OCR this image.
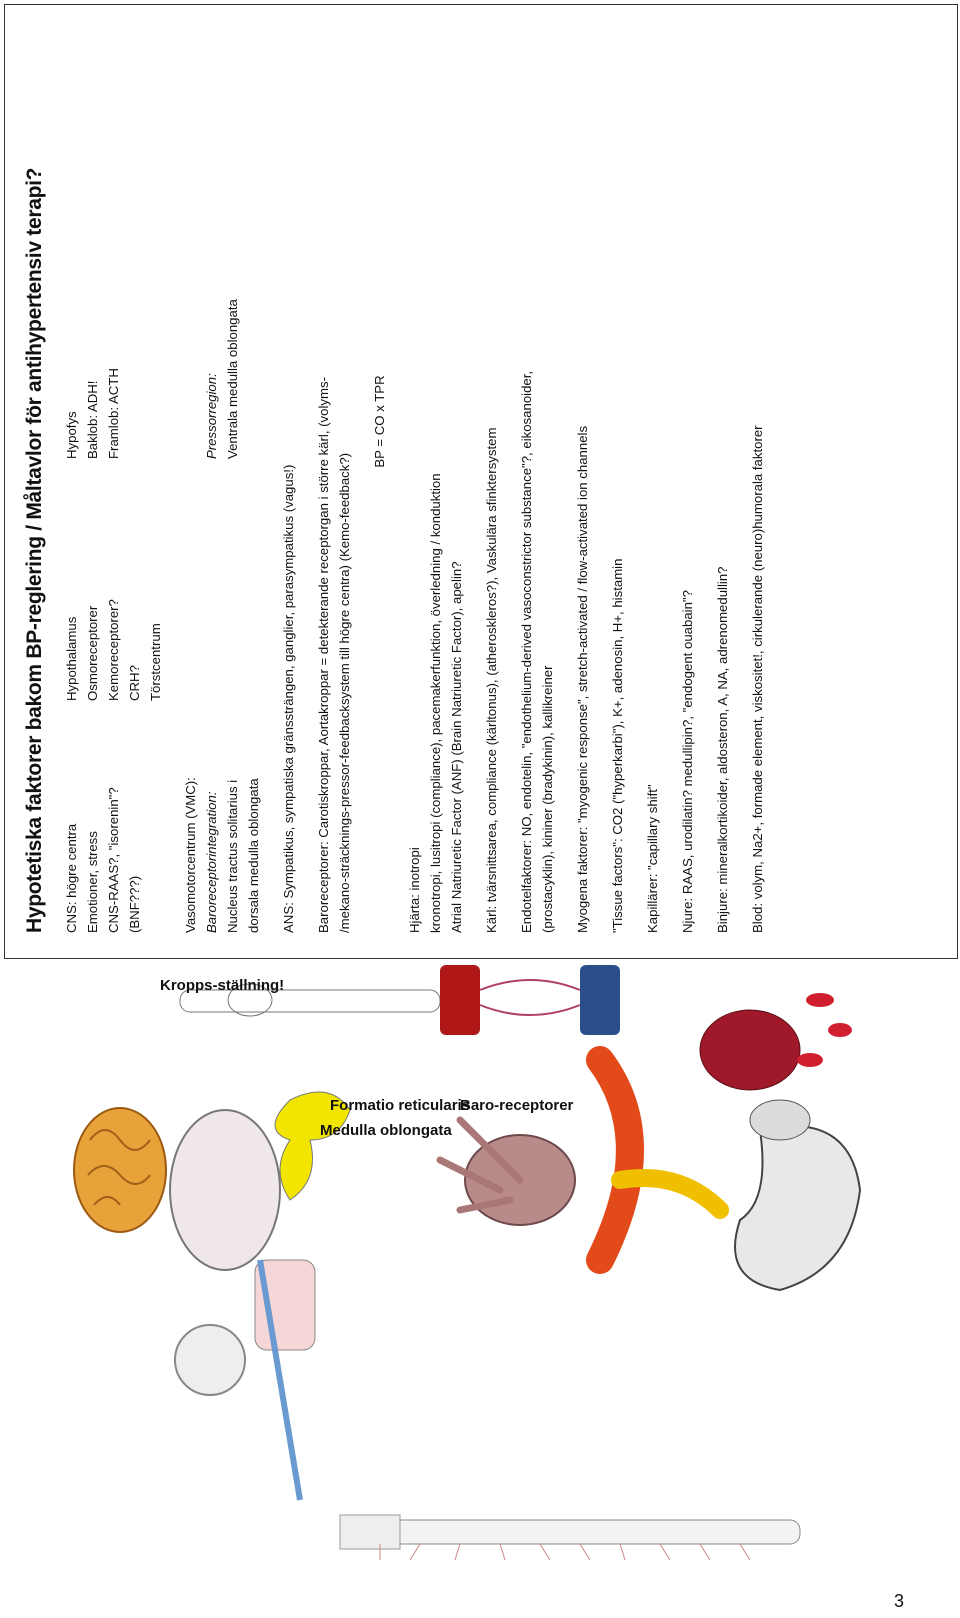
Hypotetiska faktorer bakom BP-reglering / Måltavlor för antihypertensiv terapi? CNS: högre centra Emotioner, stress CNS-RAAS?, "isorenin"? (BNF???)
Hypothalamus Osmoreceptorer Kemoreceptorer? CRH? Törstcentrum
Hypofys Baklob: ADH! Framlob: ACTH
Vasomotorcentrum (VMC): Baroreceptorintegration: Nucleus tractus solitarius i dorsala medulla oblongata

Pressorregion: Ventrala medulla oblongata
ANS: Sympatikus, sympatiska gränssträngen, ganglier, parasympatikus (vagus!) Baroreceptorer: Carotiskroppar, Aortakroppar = detekterande receptorgan i större kärl, (volyms- /mekano-sträcknings-pressor-feedbacksystem till högre centra) (Kemo-feedback?)
BP = CO x TPR
Hjärta: inotropi kronotropi, lusitropi (compliance), pacemakerfunktion, överledning / konduktion Atrial Natriuretic Factor (ANF) (Brain Natriuretic Factor), apelin? Kärl: tvärsnittsarea, compliance (kärltonus), (atheroskleros?), Vaskulära sfinktersystem Endotelfaktorer: NO, endotelin, "endothelium-derived vasoconstrictor substance"?, eikosanoider, (prostacyklin), kininer (bradykinin), kallikreiner Myogena faktorer: "myogenic response", stretch-activated / flow-activated ion channels "Tissue factors": CO2 ("hyperkarbi"), K+, adenosin, H+, histamin Kapillärer: "capillary shift" Njure: RAAS, urodilatin? medullipin?, "endogent ouabain"? Binjure: mineralkortikoider, aldosteron, A, NA, adrenomedullin? Blod: volym, Na2+, formade element, viskositet!, cirkulerande (neuro)humorala faktorer
Kropps-ställning!
Formatio reticularis
Medulla oblongata
Baro-receptorer
3
